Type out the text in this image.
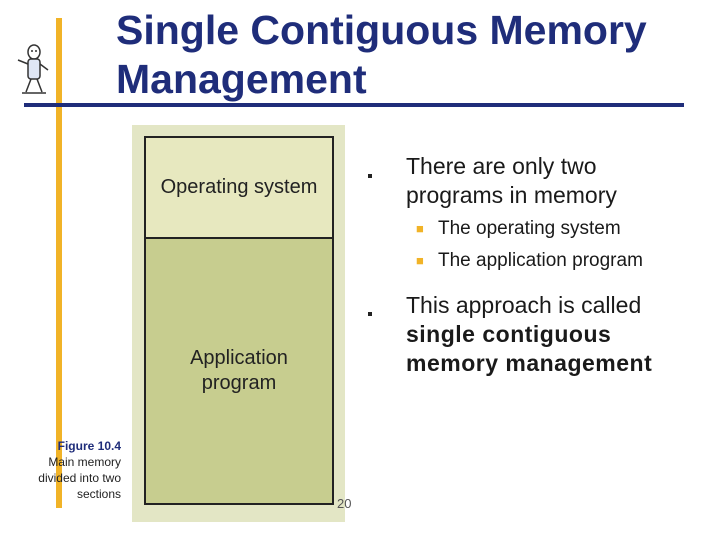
Single Contiguous Memory Management
Operating system
Application
program
Figure 10.4
Main memory
divided into two
sections
20
There are only two
programs in memory
■ The operating system
■ The application program
This approach is called
single contiguous
memory management
